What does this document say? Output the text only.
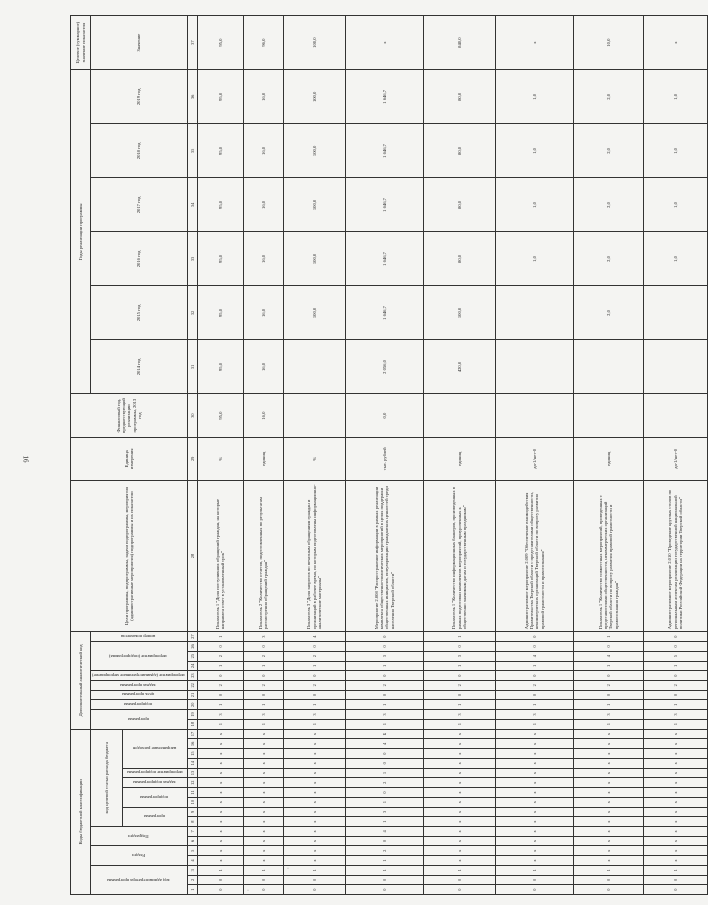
16
Коды бюджетной классификации																	Дополнительный аналитический код										Цели программы, подпрограммы, задачи подпрограммы, мероприятия (административные мероприятия) подпрограммы и их показатели	Единица измерения	Финансовый год, предшествующий реализации программы, 2013 год	Годы реализации программы						Целевое (суммарное) значение показателя
код администратора программы			Раздел		Подраздел		код целевой статьи расхода бюджета										программа		подпрограмма	цель программы	задача программы	мероприятие (административное мероприятие)	мероприятие (подпрограмма)			номер показателя				2014 год	2015 год	2016 год	2017 год	2018 год	2019 год	Значение
							программа		подпрограмма		задача подпрограммы	мероприятие подпрограммы	направление расходов																							
1	2	3	4	5	6	7	8	9	10	11	12	13	14	15	16	17	18	19	20	21	22	23	24	25	26	27	28	29	30	31	32	33	34	35	36	37
0	0	1	x	x	x	x	x	x	x	x	x	x	x	x	x	x	1	3	1	0	2	0	1	2	0	1	Показатель 1 "Доля поступивших обращений граждан, на которые направлен ответ в установленный срок"	%	95,0	95,0	95,0	95,0	95,0	95,0	95,0	95,0
0	0	1	x	x	x	x	x	x	x	x	x	x	x	x	x	x	1	3	1	0	2	0	1	2	0	3	Показатель 2 "Количество отчетов, подготовленных по результатам рассмотрения обращений граждан"	единиц	16,0	16,0	16,0	16,0	16,0	16,0	16,0	96,0
0	0	1	x	x	x	x	x	x	x	x	x	x	x	x	x	x	1	3	1	0	2	0	1	2	0	4	Показатель 3 "Доля запросов по печатным обращениям граждан и организаций в рабочее время, по которым подготовлены информационно-аналитические материалы"	%			100,0	100,0	100,0	100,0	100,0	100,0
0	0	1	1	2	0	4	1	3	1	0	2	1	0	0	4	Б	1	3	1	0	2	0	1	3	0	0	Мероприятие 2.008 "Распространение информации в рамках реализации комплекса общественно-политических мероприятий в целях поддержки общественных инициатив, популяризации гражданских ценностей среди населения Тверской области"	тыс. рублей	0,0	2 056,0	1 646,7	1 646,7	1 646,7	1 646,7	1 646,7	x
0	0	1	x	x	x	x	x	x	x	x	x	x	x	x	x	x	1	3	1	0	2	0	1	3	0	1	Показатель 1 "Количество информационных баннеров, произведенных в рамках подготовки комплексов мероприятий, приуроченных к общественно значимым датам и государственным праздникам"	единиц		420,0	100,0	80,0	80,0	80,0	80,0	840,0
0	0	1	x	x	x	x	x	x	x	x	x	x	x	x	x	x	1	3	1	0	2	0	1	4	0	0	Административное мероприятие 2.009 "Обеспечение взаимодействия Правительства Тверской области с представителями общественности, некоммерческих организаций Тверской области по вопросу развития правовой грамотности и правосознания"	да-1/нет-0				1,0	1,0	1,0	1,0	x
0	0	1	x	x	x	x	x	x	x	x	x	x	x	x	x	x	1	3	1	0	2	0	1	4	0	1	Показатель 1 "Количество совместных мероприятий, проведенных с представителями общественности, некоммерческих организаций Тверской области по вопросу развития правовой грамотности и правосознания граждан"	единиц			2,0	2,0	2,0	2,0	2,0	10,0
0	0	1	x	x	x	x	x	x	x	x	x	x	x	x	x	x	1	3	1	0	2	0	1	5	0	0	Административное мероприятие 2.010 "Проведение круглых столов по региональным аспектам реализации государственной национальной политики Российской Федерации на территории Тверской области"	да-1/нет-0				1,0	1,0	1,0	1,0	x
·
·
